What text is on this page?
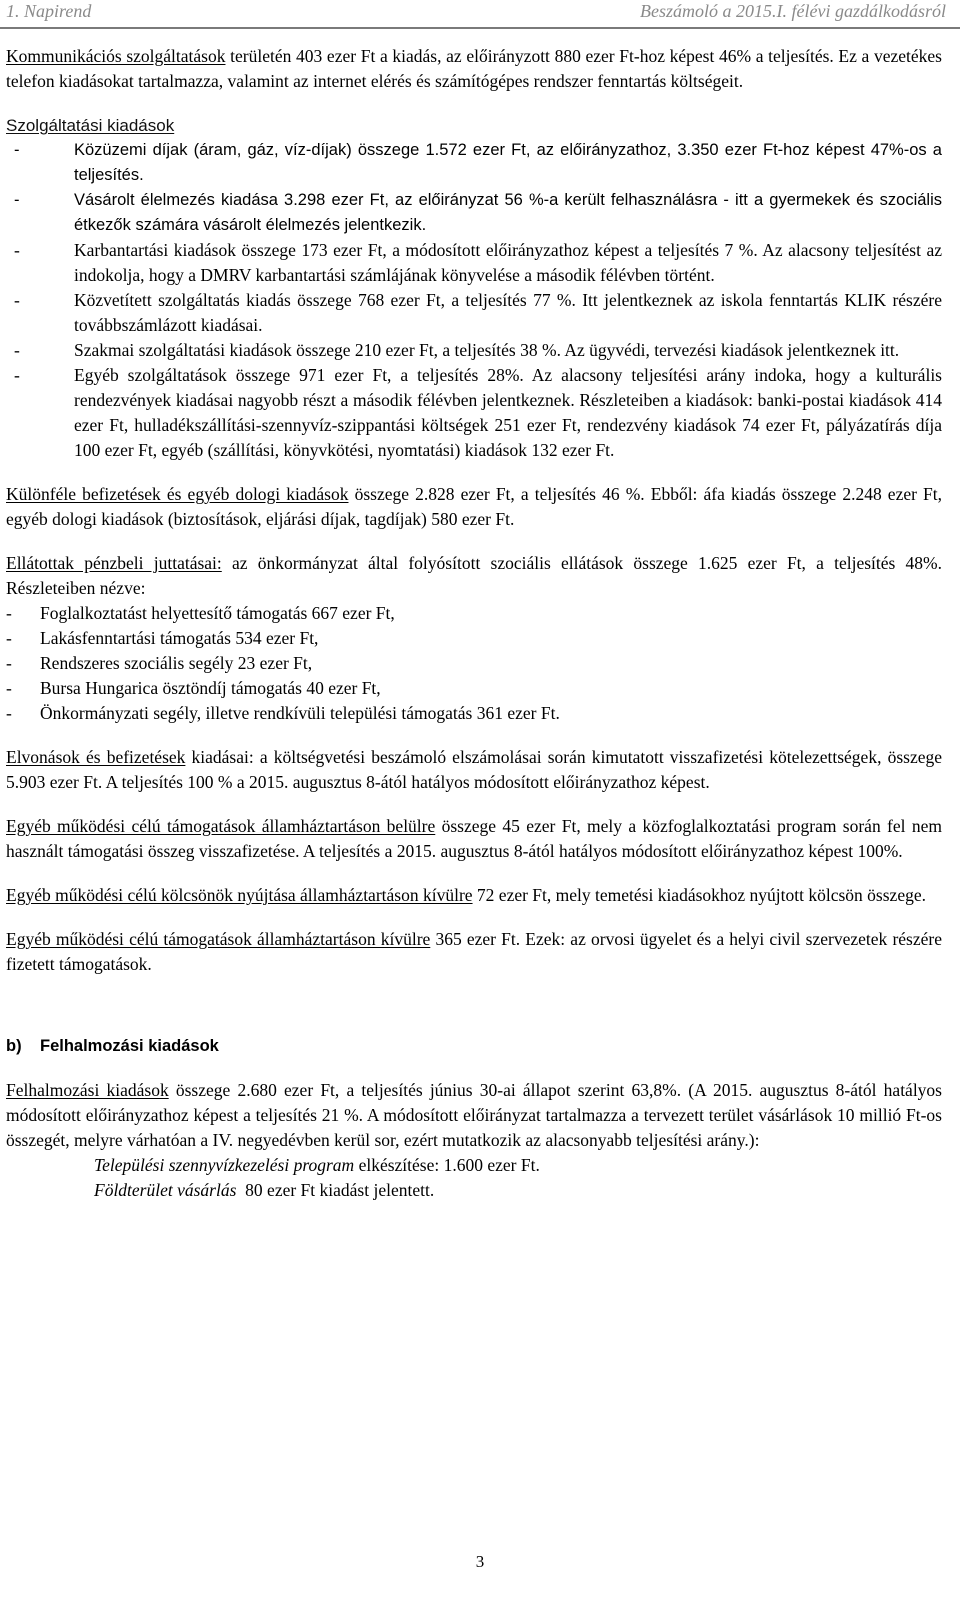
1. Napirend	Beszámoló a 2015.I. félévi gazdálkodásról

Kommunikációs szolgáltatások területén 403 ezer Ft a kiadás, az előirányzott 880 ezer Ft-hoz képest 46% a teljesítés. Ez a vezetékes telefon kiadásokat tartalmazza, valamint az internet elérés és számítógépes rendszer fenntartás költségeit.

Szolgáltatási kiadások
- Közüzemi díjak (áram, gáz, víz-díjak) összege 1.572 ezer Ft, az előirányzathoz, 3.350 ezer Ft-hoz képest 47%-os a teljesítés.
- Vásárolt élelmezés kiadása 3.298 ezer Ft, az előirányzat 56 %-a került felhasználásra - itt a gyermekek és szociális étkezők számára vásárolt élelmezés jelentkezik.
- Karbantartási kiadások összege 173 ezer Ft, a módosított előirányzathoz képest a teljesítés 7 %. Az alacsony teljesítést az indokolja, hogy a DMRV karbantartási számlájának könyvelése a második félévben történt.
- Közvetített szolgáltatás kiadás összege 768 ezer Ft, a teljesítés 77 %. Itt jelentkeznek az iskola fenntartás KLIK részére továbbszámlázott kiadásai.
- Szakmai szolgáltatási kiadások összege 210 ezer Ft, a teljesítés 38 %. Az ügyvédi, tervezési kiadások jelentkeznek itt.
- Egyéb szolgáltatások összege 971 ezer Ft, a teljesítés 28%. Az alacsony teljesítési arány indoka, hogy a kulturális rendezvények kiadásai nagyobb részt a második félévben jelentkeznek. Részleteiben a kiadások: banki-postai kiadások 414 ezer Ft, hulladékszállítási-szennyvíz-szippantási költségek 251 ezer Ft, rendezvény kiadások 74 ezer Ft, pályázatírás díja 100 ezer Ft, egyéb (szállítási, könyvkötési, nyomtatási) kiadások 132 ezer Ft.

Különféle befizetések és egyéb dologi kiadások összege 2.828 ezer Ft, a teljesítés 46 %. Ebből: áfa kiadás összege 2.248 ezer Ft, egyéb dologi kiadások (biztosítások, eljárási díjak, tagdíjak) 580 ezer Ft.

Ellátottak pénzbeli juttatásai: az önkormányzat által folyósított szociális ellátások összege 1.625 ezer Ft, a teljesítés 48%. Részleteiben nézve:

- Foglalkoztatást helyettesítő támogatás 667 ezer Ft,
- Lakásfenntartási támogatás 534 ezer Ft,
- Rendszeres szociális segély 23 ezer Ft,
- Bursa Hungarica ösztöndíj támogatás 40 ezer Ft,
- Önkormányzati segély, illetve rendkívüli települési támogatás 361 ezer Ft.

Elvonások és befizetések kiadásai: a költségvetési beszámoló elszámolásai során kimutatott visszafizetési kötelezettségek, összege 5.903 ezer Ft. A teljesítés 100 % a 2015. augusztus 8-ától hatályos módosított előirányzathoz képest.

Egyéb működési célú támogatások államháztartáson belülre összege 45 ezer Ft, mely a közfoglalkoztatási program során fel nem használt támogatási összeg visszafizetése. A teljesítés a 2015. augusztus 8-ától hatályos módosított előirányzathoz képest 100%.

Egyéb működési célú kölcsönök nyújtása államháztartáson kívülre 72 ezer Ft, mely temetési kiadásokhoz nyújtott kölcsön összege.

Egyéb működési célú támogatások államháztartáson kívülre 365 ezer Ft. Ezek: az orvosi ügyelet és a helyi civil szervezetek részére fizetett támogatások.

b) Felhalmozási kiadások

Felhalmozási kiadások összege 2.680 ezer Ft, a teljesítés június 30-ai állapot szerint 63,8%. (A 2015. augusztus 8-ától hatályos módosított előirányzathoz képest a teljesítés 21 %. A módosított előirányzat tartalmazza a tervezett terület vásárlások 10 millió Ft-os összegét, melyre várhatóan a IV. negyedévben kerül sor, ezért mutatkozik az alacsonyabb teljesítési arány.):

Települési szennyvízkezelési program elkészítése: 1.600 ezer Ft.
Földterület vásárlás  80 ezer Ft kiadást jelentett.
3
